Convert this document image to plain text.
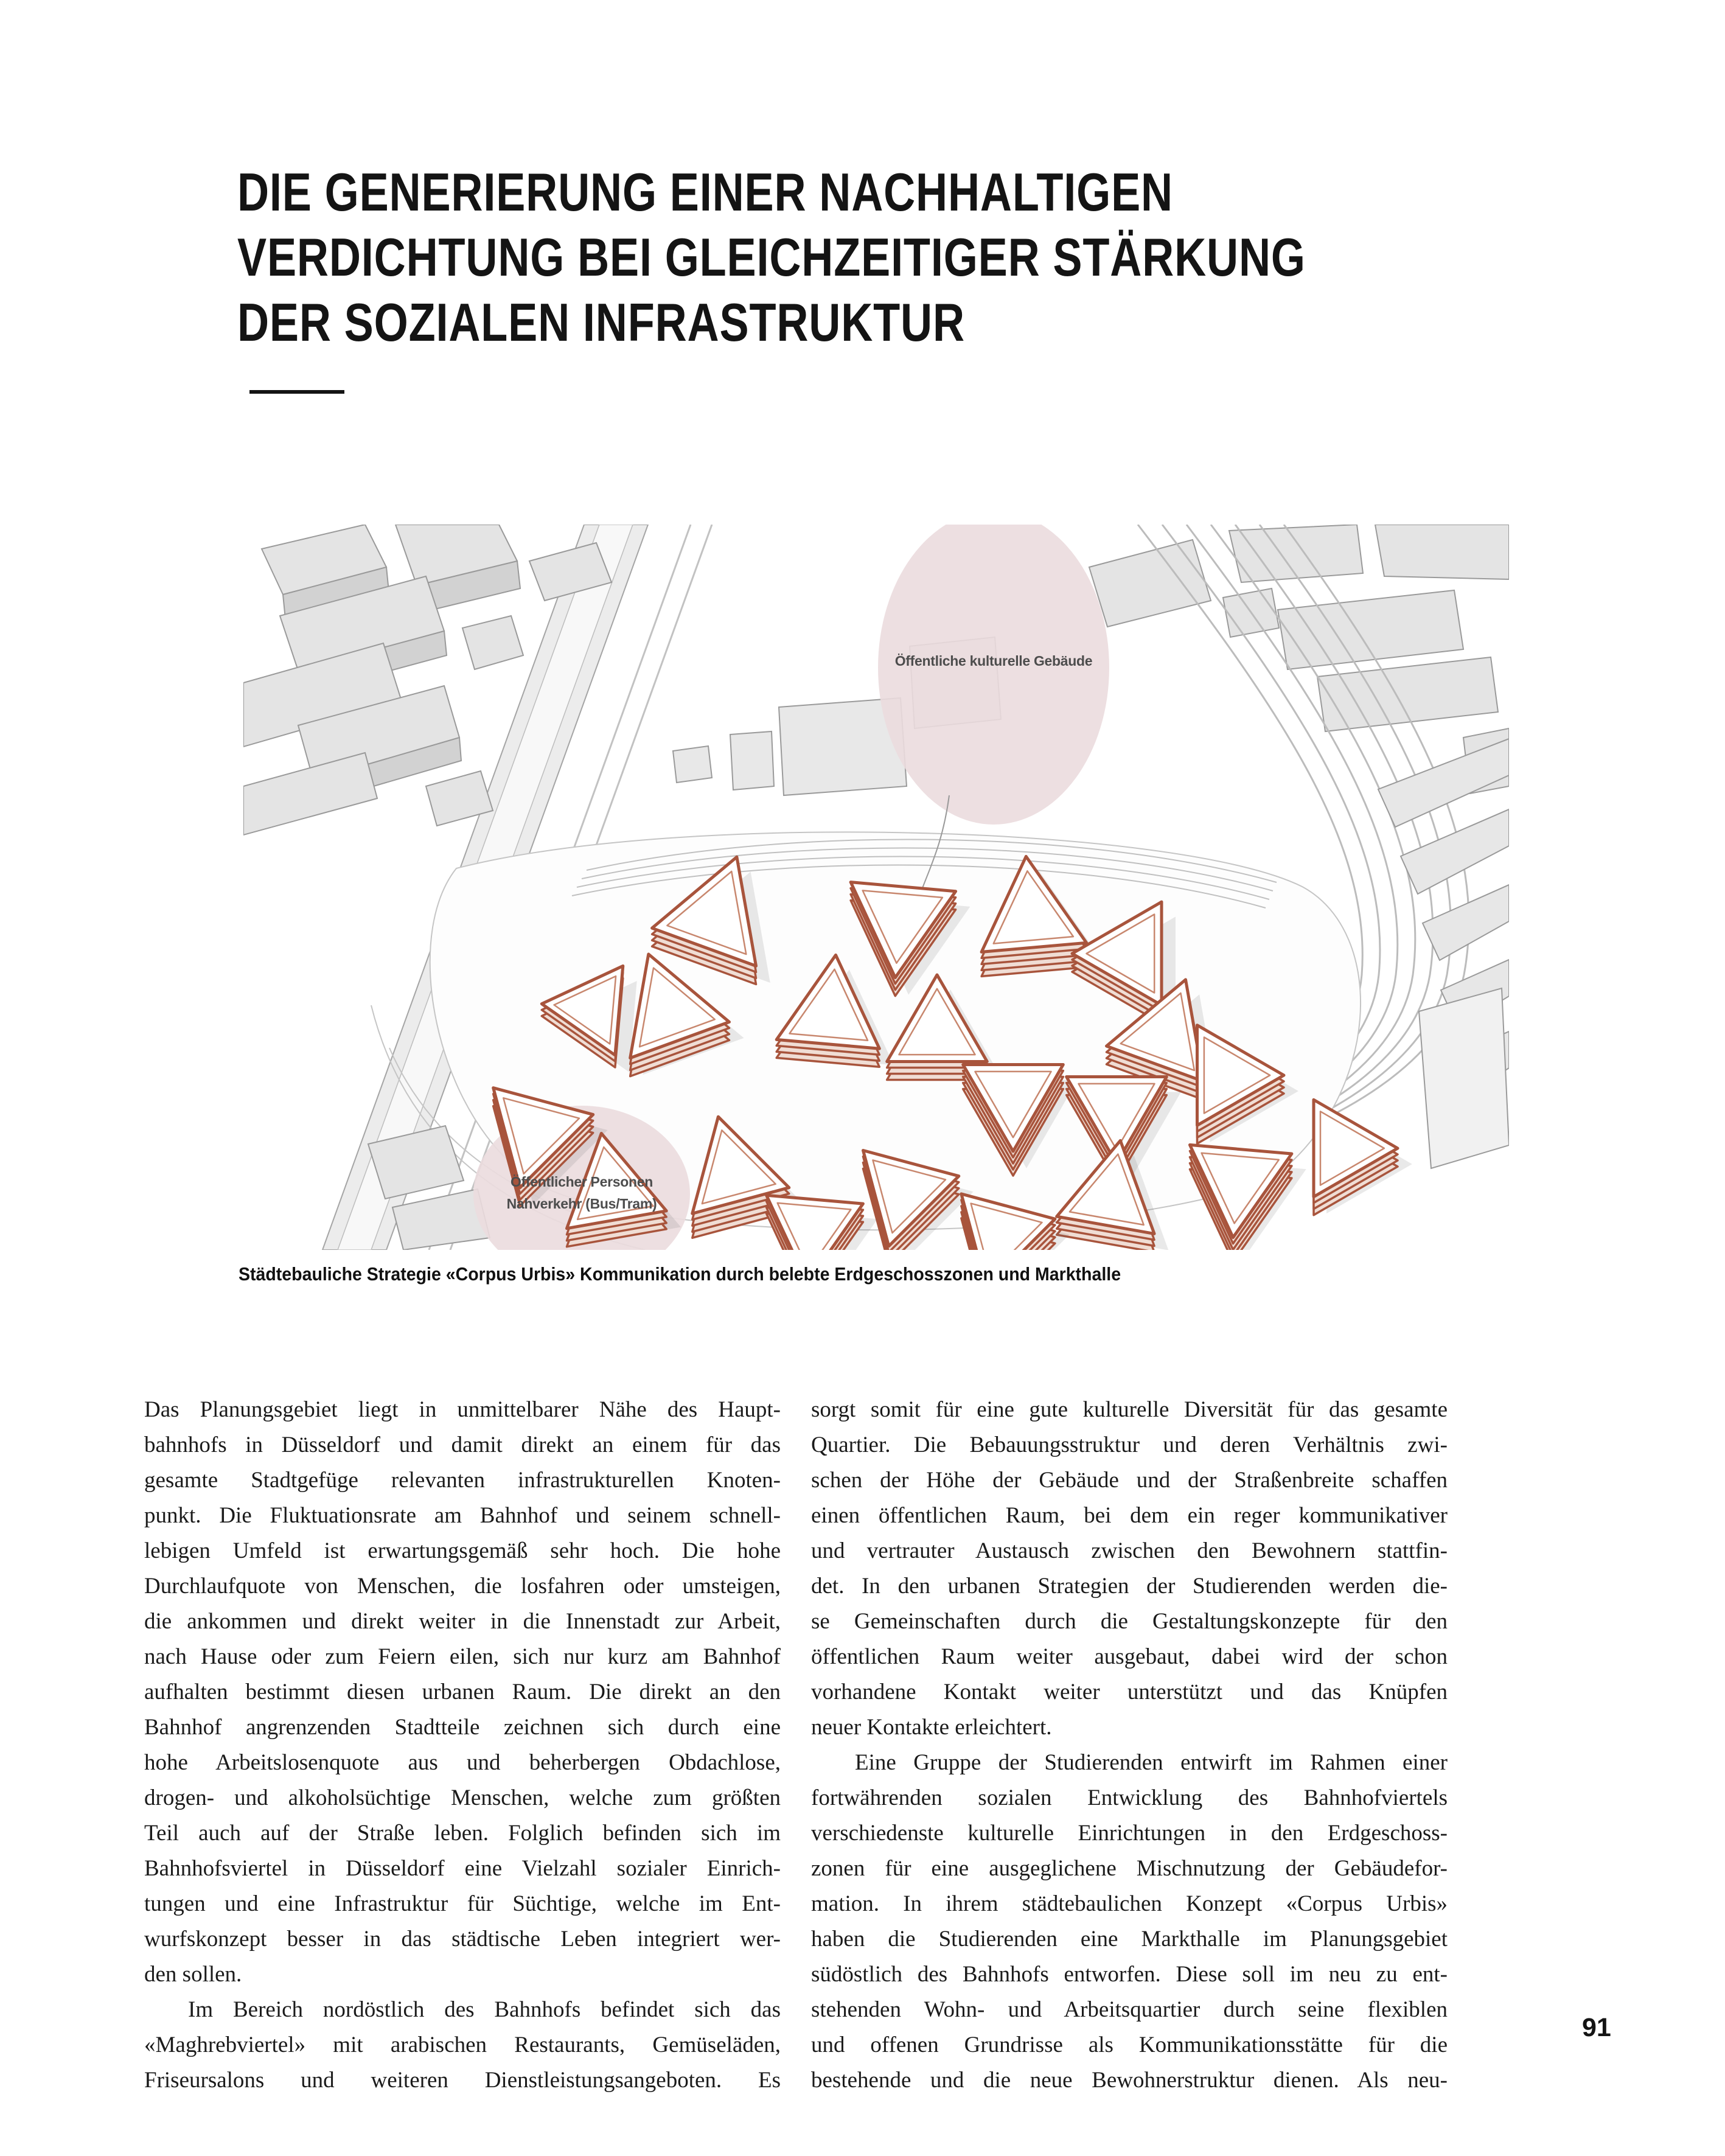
DIE GENERIERUNG EINER NACHHALTIGEN
VERDICHTUNG BEI GLEICHZEITIGER STÄRKUNG
DER SOZIALEN INFRASTRUKTUR
Öffentliche kulturelle Gebäude
Öffentlicher Personen
Nahverkehr (Bus/Tram)
Städtebauliche Strategie «Corpus Urbis» Kommunikation durch belebte Erdgeschosszonen und Markthalle
Das Planungsgebiet liegt in unmittelbarer Nähe des Haupt-
bahnhofs in Düsseldorf und damit direkt an einem für das
gesamte Stadtgefüge relevanten infrastrukturellen Knoten-
punkt. Die Fluktuationsrate am Bahnhof und seinem schnell-
lebigen Umfeld ist erwartungsgemäß sehr hoch. Die hohe
Durchlaufquote von Menschen, die losfahren oder umsteigen,
die ankommen und direkt weiter in die Innenstadt zur Arbeit,
nach Hause oder zum Feiern eilen, sich nur kurz am Bahnhof
aufhalten bestimmt diesen urbanen Raum. Die direkt an den
Bahnhof angrenzenden Stadtteile zeichnen sich durch eine
hohe Arbeitslosenquote aus und beherbergen Obdachlose,
drogen- und alkoholsüchtige Menschen, welche zum größten
Teil auch auf der Straße leben. Folglich befinden sich im
Bahnhofsviertel in Düsseldorf eine Vielzahl sozialer Einrich-
tungen und eine Infrastruktur für Süchtige, welche im Ent-
wurfskonzept besser in das städtische Leben integriert wer-
den sollen.
Im Bereich nordöstlich des Bahnhofs befindet sich das
«Maghrebviertel» mit arabischen Restaurants, Gemüseläden,
Friseursalons und weiteren Dienstleistungsangeboten. Es
sorgt somit für eine gute kulturelle Diversität für das gesamte
Quartier. Die Bebauungsstruktur und deren Verhältnis zwi-
schen der Höhe der Gebäude und der Straßenbreite schaffen
einen öffentlichen Raum, bei dem ein reger kommunikativer
und vertrauter Austausch zwischen den Bewohnern stattfin-
det. In den urbanen Strategien der Studierenden werden die-
se Gemeinschaften durch die Gestaltungskonzepte für den
öffentlichen Raum weiter ausgebaut, dabei wird der schon
vorhandene Kontakt weiter unterstützt und das Knüpfen
neuer Kontakte erleichtert.
Eine Gruppe der Studierenden entwirft im Rahmen einer
fortwährenden sozialen Entwicklung des Bahnhofviertels
verschiedenste kulturelle Einrichtungen in den Erdgeschoss-
zonen für eine ausgeglichene Mischnutzung der Gebäudefor-
mation. In ihrem städtebaulichen Konzept «Corpus Urbis»
haben die Studierenden eine Markthalle im Planungsgebiet
südöstlich des Bahnhofs entworfen. Diese soll im neu zu ent-
stehenden Wohn- und Arbeitsquartier durch seine flexiblen
und offenen Grundrisse als Kommunikationsstätte für die
bestehende und die neue Bewohnerstruktur dienen. Als neu-
91
